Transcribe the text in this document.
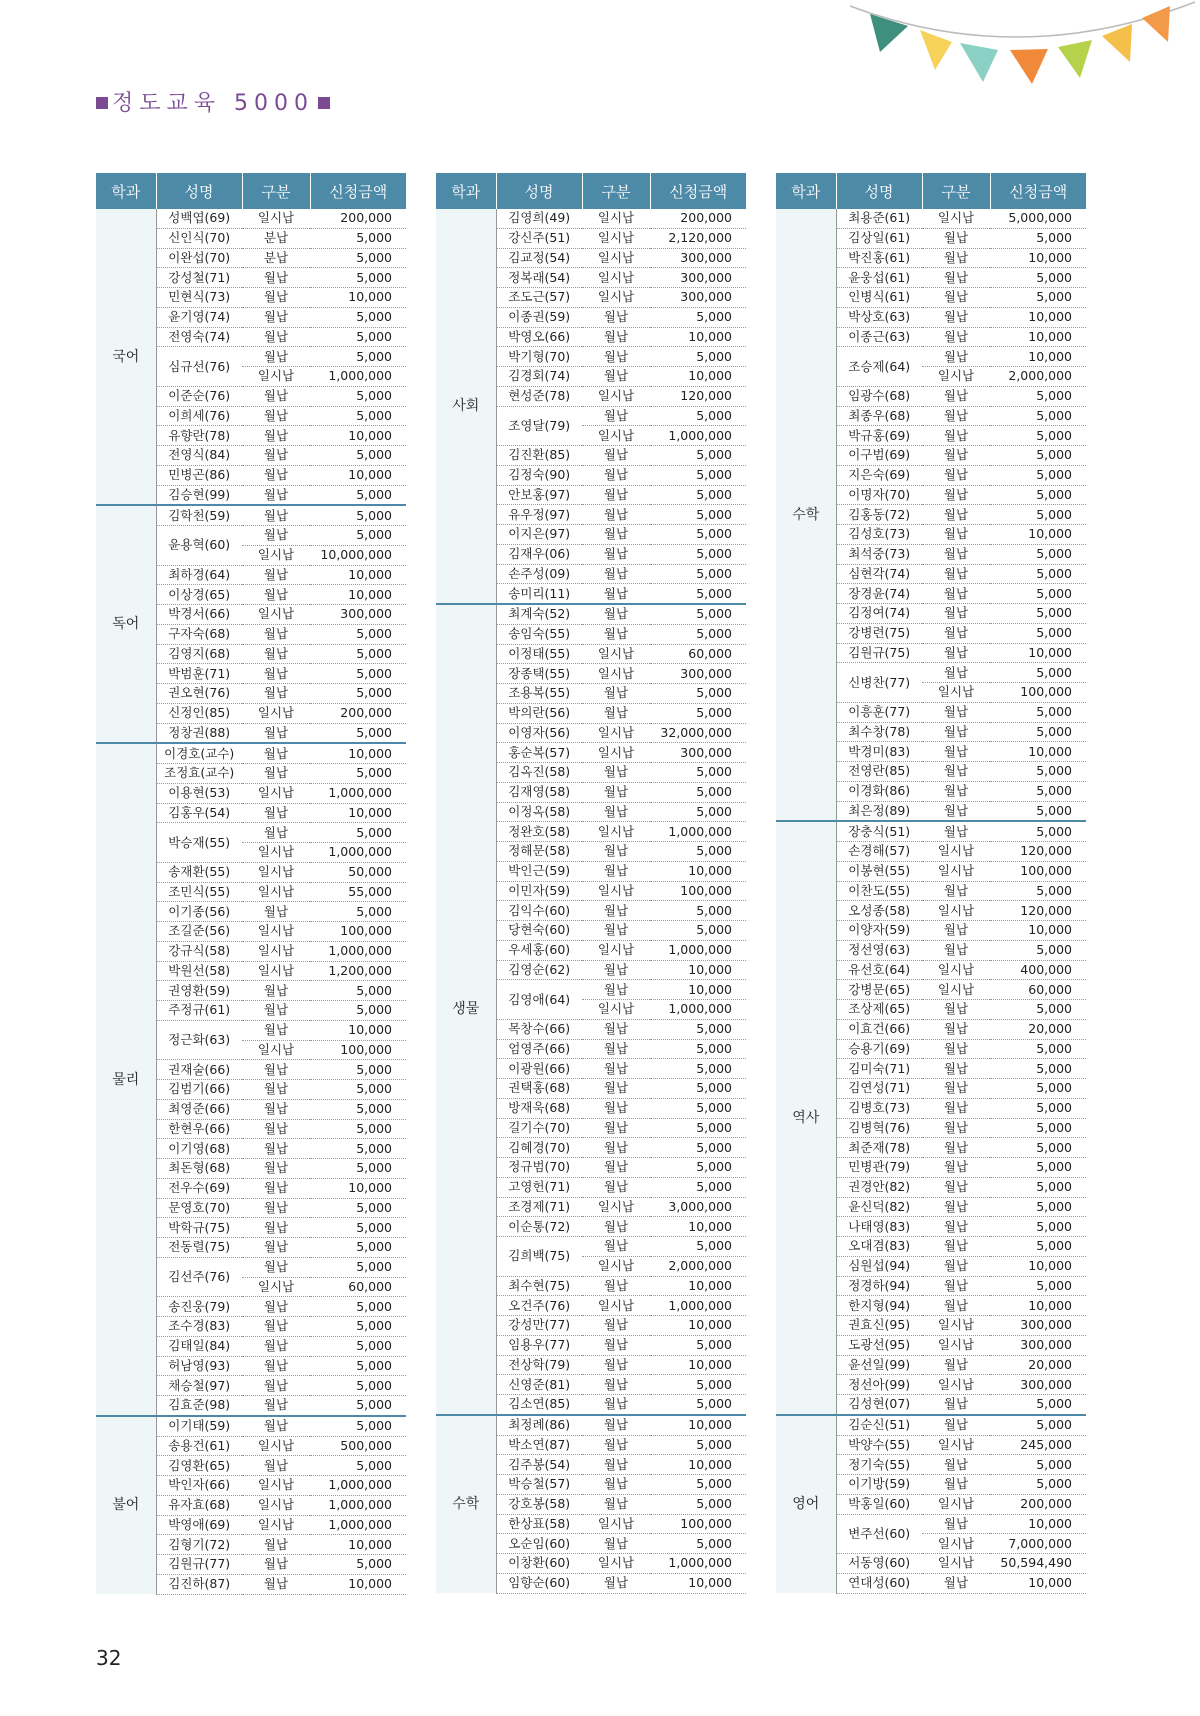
정도교육 5000
학과	성명	구분	신청금액
국어	성백엽(69)	일시납	200,000
	신인식(70)	분납	5,000
	이완섭(70)	분납	5,000
	강성철(71)	월납	5,000
	민현식(73)	월납	10,000
	윤기영(74)	월납	5,000
	전영숙(74)	월납	5,000
	심규선(76)	월납	5,000
		일시납	1,000,000
	이준순(76)	월납	5,000
	이희세(76)	월납	5,000
	유향란(78)	월납	10,000
	전영식(84)	월납	5,000
	민병곤(86)	월납	10,000
	김승현(99)	월납	5,000
독어	김학천(59)	월납	5,000
	윤용혁(60)	월납	5,000
		일시납	10,000,000
	최하경(64)	월납	10,000
	이상경(65)	월납	10,000
	박경서(66)	일시납	300,000
	구자숙(68)	월납	5,000
	김영지(68)	월납	5,000
	박범훈(71)	월납	5,000
	권오현(76)	월납	5,000
	신정인(85)	일시납	200,000
	정창권(88)	월납	5,000
물리	이경호(교수)	월납	10,000
	조정효(교수)	월납	5,000
	이용현(53)	일시납	1,000,000
	김홍우(54)	월납	10,000
	박승재(55)	월납	5,000
		일시납	1,000,000
	송재환(55)	일시납	50,000
	조민식(55)	일시납	55,000
	이기종(56)	월납	5,000
	조길준(56)	일시납	100,000
	강규식(58)	일시납	1,000,000
	박원선(58)	일시납	1,200,000
	권영환(59)	월납	5,000
	주정규(61)	월납	5,000
	정근화(63)	월납	10,000
		일시납	100,000
	권재술(66)	월납	5,000
	김범기(66)	월납	5,000
	최영준(66)	월납	5,000
	한현우(66)	월납	5,000
	이기영(68)	월납	5,000
	최돈형(68)	월납	5,000
	전우수(69)	월납	10,000
	문영호(70)	월납	5,000
	박학규(75)	월납	5,000
	전동렬(75)	월납	5,000
	김선주(76)	월납	5,000
		일시납	60,000
	송진웅(79)	월납	5,000
	조수경(83)	월납	5,000
	김태일(84)	월납	5,000
	허남영(93)	월납	5,000
	채승철(97)	월납	5,000
	김효준(98)	월납	5,000
불어	이기태(59)	월납	5,000
	송용건(61)	일시납	500,000
	김영환(65)	월납	5,000
	박인자(66)	일시납	1,000,000
	유자효(68)	일시납	1,000,000
	박영애(69)	일시납	1,000,000
	김형기(72)	월납	10,000
	김원규(77)	월납	5,000
	김진하(87)	월납	10,000
학과	성명	구분	신청금액
사회	김영희(49)	일시납	200,000
	강신주(51)	일시납	2,120,000
	김교정(54)	일시납	300,000
	정복래(54)	일시납	300,000
	조도근(57)	일시납	300,000
	이종권(59)	월납	5,000
	박영오(66)	월납	10,000
	박기형(70)	월납	5,000
	김경회(74)	월납	10,000
	현성준(78)	일시납	120,000
	조영달(79)	월납	5,000
		일시납	1,000,000
	김진환(85)	월납	5,000
	김정숙(90)	월납	5,000
	안보홍(97)	월납	5,000
	유우정(97)	월납	5,000
	이지은(97)	월납	5,000
	김재우(06)	월납	5,000
	손주성(09)	월납	5,000
	송미리(11)	월납	5,000
생물	최계숙(52)	월납	5,000
	송임숙(55)	월납	5,000
	이정태(55)	일시납	60,000
	장종택(55)	일시납	300,000
	조용복(55)	월납	5,000
	박의란(56)	월납	5,000
	이영자(56)	일시납	32,000,000
	홍순복(57)	일시납	300,000
	김옥진(58)	월납	5,000
	김재영(58)	월납	5,000
	이정옥(58)	월납	5,000
	정완호(58)	일시납	1,000,000
	정해문(58)	월납	5,000
	박인근(59)	월납	10,000
	이민자(59)	일시납	100,000
	김익수(60)	월납	5,000
	당현숙(60)	월납	5,000
	우세홍(60)	일시납	1,000,000
	김영순(62)	월납	10,000
	김영애(64)	월납	10,000
		일시납	1,000,000
	목창수(66)	월납	5,000
	엄영주(66)	월납	5,000
	이광원(66)	월납	5,000
	권택홍(68)	월납	5,000
	방재욱(68)	월납	5,000
	길기수(70)	월납	5,000
	김혜경(70)	월납	5,000
	정규범(70)	월납	5,000
	고영헌(71)	월납	5,000
	조경제(71)	일시납	3,000,000
	이순통(72)	월납	10,000
	김희백(75)	월납	5,000
		일시납	2,000,000
	최수현(75)	월납	10,000
	오건주(76)	일시납	1,000,000
	강성만(77)	월납	10,000
	임용우(77)	월납	5,000
	전상학(79)	월납	10,000
	신영준(81)	월납	5,000
	김소연(85)	월납	5,000
수학	최정례(86)	월납	10,000
	박소연(87)	월납	5,000
	김주봉(54)	월납	10,000
	박승철(57)	월납	5,000
	강호봉(58)	월납	5,000
	한상표(58)	일시납	100,000
	오순임(60)	월납	5,000
	이창환(60)	일시납	1,000,000
	임향순(60)	월납	10,000
학과	성명	구분	신청금액
수학	최용준(61)	일시납	5,000,000
	김상일(61)	월납	5,000
	박진홍(61)	월납	10,000
	윤웅섭(61)	월납	5,000
	인병식(61)	월납	5,000
	박상호(63)	월납	10,000
	이종근(63)	월납	10,000
	조승제(64)	월납	10,000
		일시납	2,000,000
	임광수(68)	월납	5,000
	최종우(68)	월납	5,000
	박규홍(69)	월납	5,000
	이구범(69)	월납	5,000
	지은숙(69)	월납	5,000
	이명자(70)	월납	5,000
	김홍동(72)	월납	5,000
	김성호(73)	월납	10,000
	최석중(73)	월납	5,000
	심현각(74)	월납	5,000
	장경윤(74)	월납	5,000
	김정여(74)	월납	5,000
	강병련(75)	월납	5,000
	김원규(75)	월납	10,000
	신병찬(77)	월납	5,000
		일시납	100,000
	이흥훈(77)	월납	5,000
	최수창(78)	월납	5,000
	박경미(83)	월납	10,000
	전영란(85)	월납	5,000
	이경화(86)	월납	5,000
	최은정(89)	월납	5,000
역사	장충식(51)	월납	5,000
	손경해(57)	일시납	120,000
	이봉현(55)	일시납	100,000
	이찬도(55)	월납	5,000
	오성종(58)	일시납	120,000
	이양자(59)	월납	10,000
	정선영(63)	월납	5,000
	유선호(64)	일시납	400,000
	강병문(65)	일시납	60,000
	조상제(65)	월납	5,000
	이효건(66)	월납	20,000
	승용기(69)	월납	5,000
	김미숙(71)	월납	5,000
	김연성(71)	월납	5,000
	김병호(73)	월납	5,000
	김병혁(76)	월납	5,000
	최준재(78)	월납	5,000
	민병관(79)	월납	5,000
	권경안(82)	월납	5,000
	윤신덕(82)	월납	5,000
	나태영(83)	월납	5,000
	오대겸(83)	월납	5,000
	심원섭(94)	월납	10,000
	정경하(94)	월납	5,000
	한지형(94)	월납	10,000
	권효신(95)	일시납	300,000
	도광선(95)	일시납	300,000
	윤선일(99)	월납	20,000
	정선아(99)	일시납	300,000
	김성현(07)	월납	5,000
영어	김순신(51)	월납	5,000
	박양수(55)	일시납	245,000
	정기숙(55)	월납	5,000
	이기방(59)	월납	5,000
	박홍일(60)	일시납	200,000
	변주선(60)	월납	10,000
		일시납	7,000,000
	서동영(60)	일시납	50,594,490
	연대성(60)	월납	10,000
32
